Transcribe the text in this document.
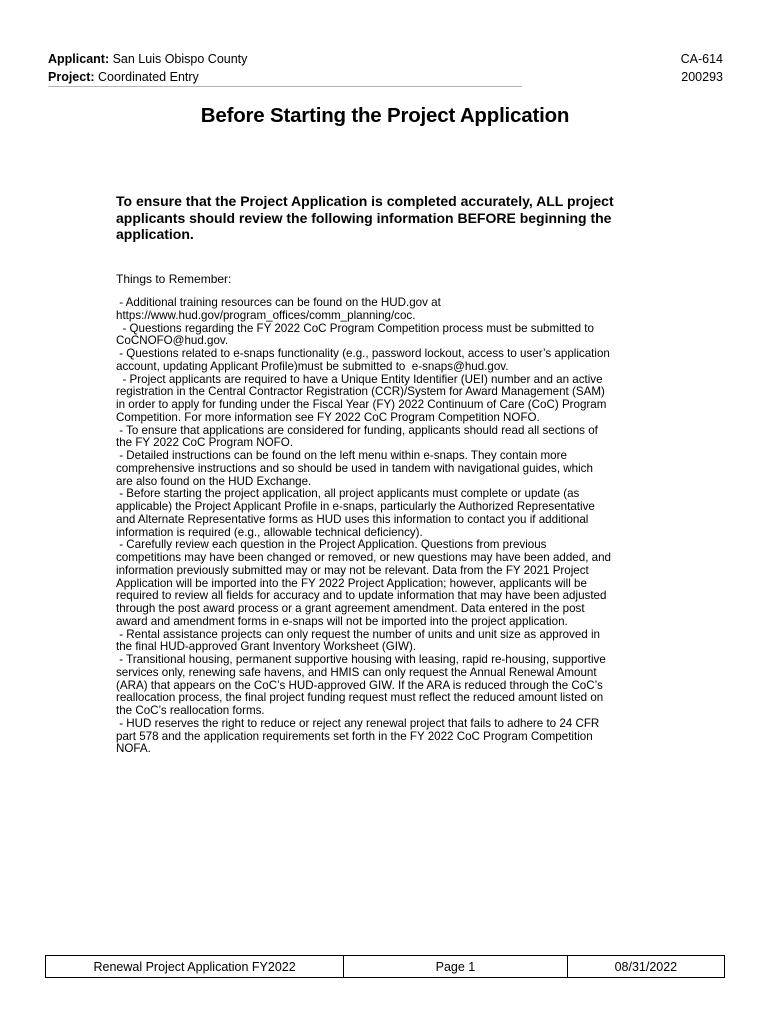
Applicant: San Luis Obispo County
Project: Coordinated Entry
CA-614
200293
Before Starting the Project Application

To ensure that the Project Application is completed accurately, ALL project applicants should review the following information BEFORE beginning the application.

Things to Remember:

- Additional training resources can be found on the HUD.gov at
https://www.hud.gov/program_offices/comm_planning/coc.
- Questions regarding the FY 2022 CoC Program Competition process must be submitted to
CoCNOFO@hud.gov.
- Questions related to e-snaps functionality (e.g., password lockout, access to user’s application
account, updating Applicant Profile)must be submitted to  e-snaps@hud.gov.
- Project applicants are required to have a Unique Entity Identifier (UEI) number and an active
registration in the Central Contractor Registration (CCR)/System for Award Management (SAM)
in order to apply for funding under the Fiscal Year (FY) 2022 Continuum of Care (CoC) Program
Competition. For more information see FY 2022 CoC Program Competition NOFO.
- To ensure that applications are considered for funding, applicants should read all sections of
the FY 2022 CoC Program NOFO.
- Detailed instructions can be found on the left menu within e-snaps. They contain more
comprehensive instructions and so should be used in tandem with navigational guides, which
are also found on the HUD Exchange.
- Before starting the project application, all project applicants must complete or update (as
applicable) the Project Applicant Profile in e-snaps, particularly the Authorized Representative
and Alternate Representative forms as HUD uses this information to contact you if additional
information is required (e.g., allowable technical deficiency).
- Carefully review each question in the Project Application. Questions from previous
competitions may have been changed or removed, or new questions may have been added, and
information previously submitted may or may not be relevant. Data from the FY 2021 Project
Application will be imported into the FY 2022 Project Application; however, applicants will be
required to review all fields for accuracy and to update information that may have been adjusted
through the post award process or a grant agreement amendment. Data entered in the post
award and amendment forms in e-snaps will not be imported into the project application.
- Rental assistance projects can only request the number of units and unit size as approved in
the final HUD-approved Grant Inventory Worksheet (GIW).
- Transitional housing, permanent supportive housing with leasing, rapid re-housing, supportive
services only, renewing safe havens, and HMIS can only request the Annual Renewal Amount
(ARA) that appears on the CoC’s HUD-approved GIW. If the ARA is reduced through the CoC’s
reallocation process, the final project funding request must reflect the reduced amount listed on
the CoC’s reallocation forms.
- HUD reserves the right to reduce or reject any renewal project that fails to adhere to 24 CFR
part 578 and the application requirements set forth in the FY 2022 CoC Program Competition
NOFA.
Renewal Project Application FY2022	Page 1	08/31/2022
